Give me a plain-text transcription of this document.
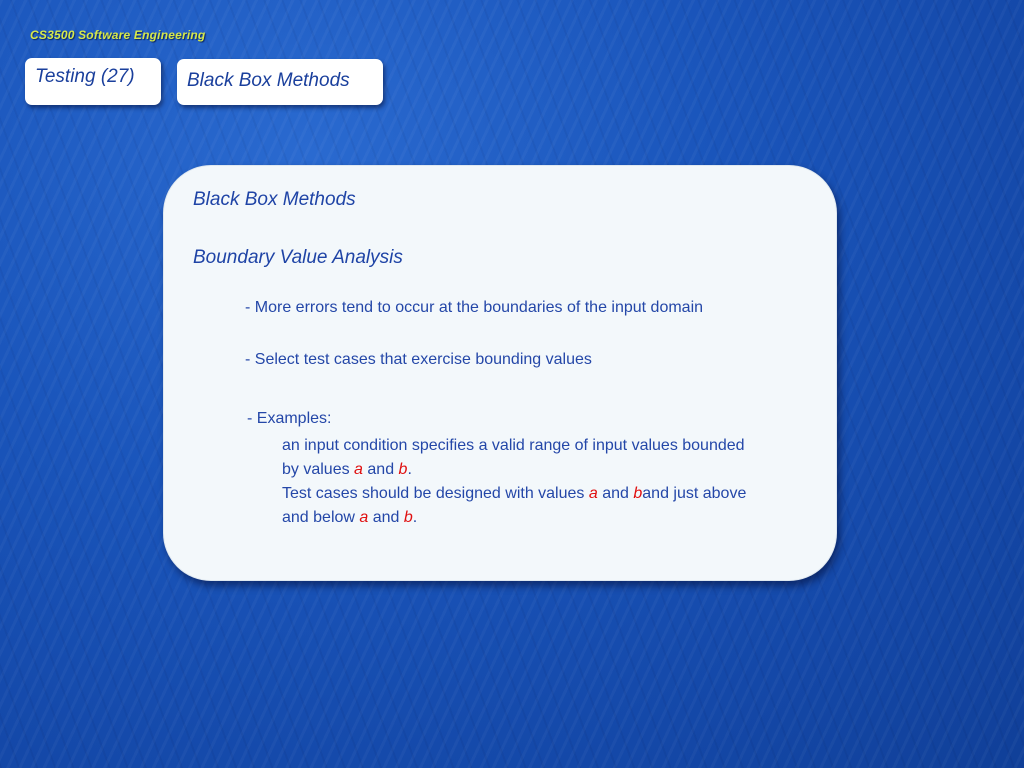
CS3500 Software Engineering
Testing (27)	Black Box Methods
Black Box Methods
Boundary Value Analysis
- More errors tend to occur at the boundaries of the input domain
- Select test cases that exercise bounding values
- Examples:
an input condition specifies a valid range of input values bounded
by values a and b.
Test cases should be designed with values a and band just above
and below a and b.
